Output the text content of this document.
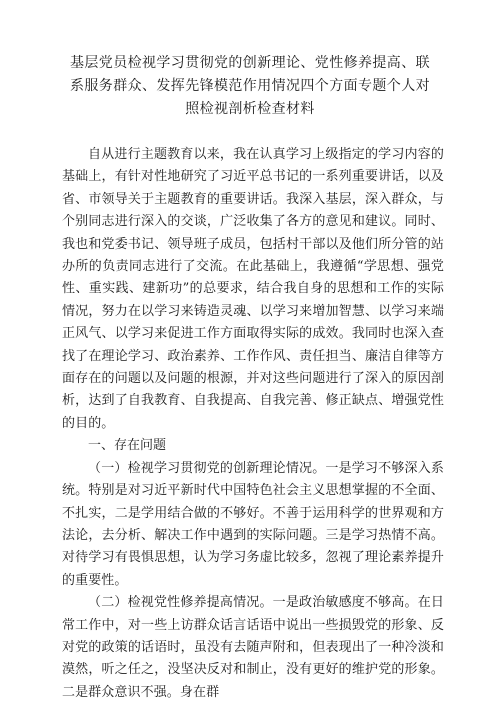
基层党员检视学习贯彻党的创新理论、党性修养提高、联系服务群众、发挥先锋模范作用情况四个方面专题个人对照检视剖析检查材料

自从进行主题教育以来，我在认真学习上级指定的学习内容的基础上，有针对性地研究了习近平总书记的一系列重要讲话，以及省、市领导关于主题教育的重要讲话。我深入基层，深入群众，与个别同志进行深入的交谈，广泛收集了各方的意见和建议。同时、我也和党委书记、领导班子成员，包括村干部以及他们所分管的站办所的负责同志进行了交流。在此基础上，我遵循“学思想、强党性、重实践、建新功”的总要求，结合我自身的思想和工作的实际情况，努力在以学习来铸造灵魂、以学习来增加智慧、以学习来端正风气、以学习来促进工作方面取得实际的成效。我同时也深入查找了在理论学习、政治素养、工作作风、责任担当、廉洁自律等方面存在的问题以及问题的根源，并对这些问题进行了深入的原因剖析，达到了自我教育、自我提高、自我完善、修正缺点、增强党性的目的。

一、存在问题

（一）检视学习贯彻党的创新理论情况。一是学习不够深入系统。特别是对习近平新时代中国特色社会主义思想掌握的不全面、不扎实，二是学用结合做的不够好。不善于运用科学的世界观和方法论，去分析、解决工作中遇到的实际问题。三是学习热情不高。对待学习有畏惧思想，认为学习务虚比较多，忽视了理论素养提升的重要性。

（二）检视党性修养提高情况。一是政治敏感度不够高。在日常工作中，对一些上访群众话言话语中说出一些损毁党的形象、反对党的政策的话语时，虽没有去随声附和，但表现出了一种冷淡和漠然，听之任之，没坚决反对和制止，没有更好的维护党的形象。二是群众意识不强。身在群
